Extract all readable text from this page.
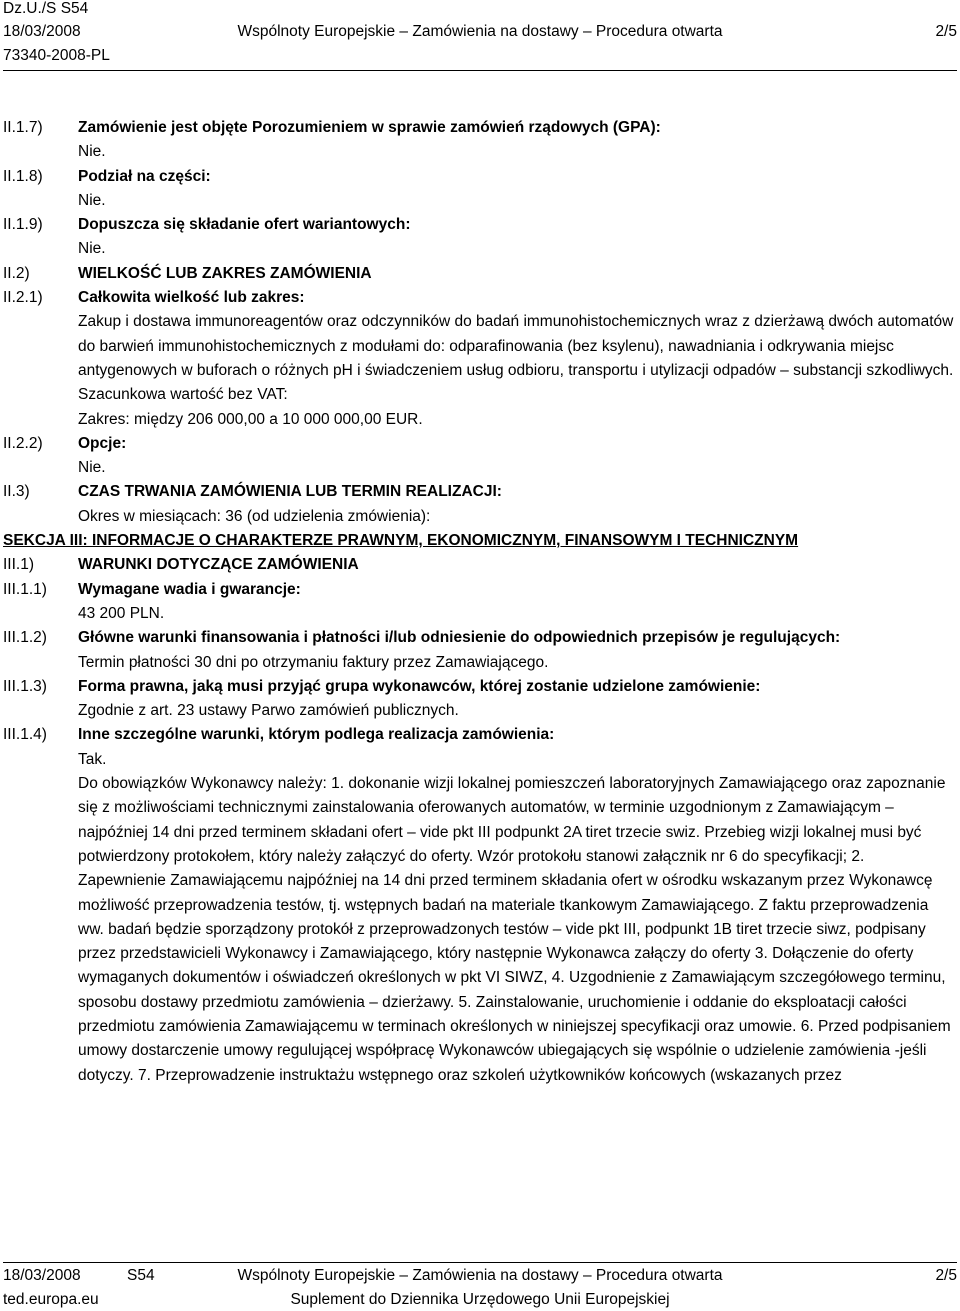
Dz.U./S S54
18/03/2008	Wspólnoty Europejskie – Zamówienia na dostawy – Procedura otwarta	2/5
73340-2008-PL
II.1.7)	Zamówienie jest objęte Porozumieniem w sprawie zamówień rządowych (GPA):
Nie.
II.1.8)	Podział na części:
Nie.
II.1.9)	Dopuszcza się składanie ofert wariantowych:
Nie.
II.2)	WIELKOŚĆ LUB ZAKRES ZAMÓWIENIA
II.2.1)	Całkowita wielkość lub zakres:
Zakup i dostawa immunoreagentów oraz odczynników do badań immunohistochemicznych wraz z dzierżawą dwóch automatów do barwień immunohistochemicznych z modułami do: odparafinowania (bez ksylenu), nawadniania i odkrywania miejsc antygenowych w buforach o różnych pH i świadczeniem usług odbioru, transportu i utylizacji odpadów – substancji szkodliwych.
Szacunkowa wartość bez VAT:
Zakres: między 206 000,00 a 10 000 000,00 EUR.
II.2.2)	Opcje:
Nie.
II.3)	CZAS TRWANIA ZAMÓWIENIA LUB TERMIN REALIZACJI:
Okres w miesiącach: 36 (od udzielenia zmówienia):
SEKCJA III: INFORMACJE O CHARAKTERZE PRAWNYM, EKONOMICZNYM, FINANSOWYM I TECHNICZNYM
III.1)	WARUNKI DOTYCZĄCE ZAMÓWIENIA
III.1.1)	Wymagane wadia i gwarancje:
43 200 PLN.
III.1.2)	Główne warunki finansowania i płatności i/lub odniesienie do odpowiednich przepisów je regulujących:
Termin płatności 30 dni po otrzymaniu faktury przez Zamawiającego.
III.1.3)	Forma prawna, jaką musi przyjąć grupa wykonawców, której zostanie udzielone zamówienie:
Zgodnie z art. 23 ustawy Parwo zamówień publicznych.
III.1.4)	Inne szczególne warunki, którym podlega realizacja zamówienia:
Tak.
Do obowiązków Wykonawcy należy: 1. dokonanie wizji lokalnej pomieszczeń laboratoryjnych Zamawiającego oraz zapoznanie się z możliwościami technicznymi zainstalowania oferowanych automatów, w terminie uzgodnionym z Zamawiającym – najpóźniej 14 dni przed terminem składani ofert – vide pkt III podpunkt 2A tiret trzecie swiz. Przebieg wizji lokalnej musi być potwierdzony protokołem, który należy załączyć do oferty. Wzór protokołu stanowi załącznik nr 6 do specyfikacji; 2. Zapewnienie Zamawiającemu najpóźniej na 14 dni przed terminem składania ofert w ośrodku wskazanym przez Wykonawcę możliwość przeprowadzenia testów, tj. wstępnych badań na materiale tkankowym Zamawiającego. Z faktu przeprowadzenia ww. badań będzie sporządzony protokół z przeprowadzonych testów – vide pkt III, podpunkt 1B tiret trzecie siwz, podpisany przez przedstawicieli Wykonawcy i Zamawiającego, który następnie Wykonawca załączy do oferty 3. Dołączenie do oferty wymaganych dokumentów i oświadczeń określonych w pkt VI SIWZ, 4. Uzgodnienie z Zamawiającym szczegółowego terminu, sposobu dostawy przedmiotu zamówienia – dzierżawy. 5. Zainstalowanie, uruchomienie i oddanie do eksploatacji całości przedmiotu zamówienia Zamawiającemu w terminach określonych w niniejszej specyfikacji oraz umowie. 6. Przed podpisaniem umowy dostarczenie umowy regulującej współpracę Wykonawców ubiegających się wspólnie o udzielenie zamówienia -jeśli dotyczy. 7. Przeprowadzenie instruktażu wstępnego oraz szkoleń użytkowników końcowych (wskazanych przez
18/03/2008	S54	Wspólnoty Europejskie – Zamówienia na dostawy – Procedura otwarta	2/5
ted.europa.eu	Suplement do Dziennika Urzędowego Unii Europejskiej
